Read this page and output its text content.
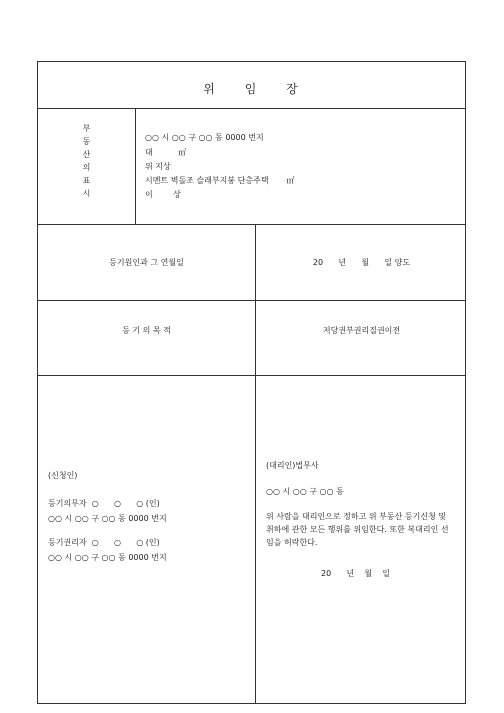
위 임 장
부
동
산
의
표
시
○○ 시 ○○ 구 ○○ 동 0000 번지
대          ㎡
위 지상
시멘트 벽돌조 슬래부지붕 단층주택       ㎡
이        상
등기원인과 그 연월일	20      년      월      일 양도
등 기 의 목 적	저당권부권리질권이전
(신청인)
등기의무자  ○      ○      ○ (인)
○○ 시 ○○ 구 ○○ 동 0000 번지
등기권리자  ○      ○      ○ (인)
○○ 시 ○○ 구 ○○ 동 0000 번지
(대리인)법무사
○○ 시 ○○ 구 ○○ 동
위 사람을 대리인으로 정하고 위 부동산 등기신청 및 취하에 관한 모든 행위를 위임한다. 또한 복대리인 선임을 허락한다.
20      년    월    일
